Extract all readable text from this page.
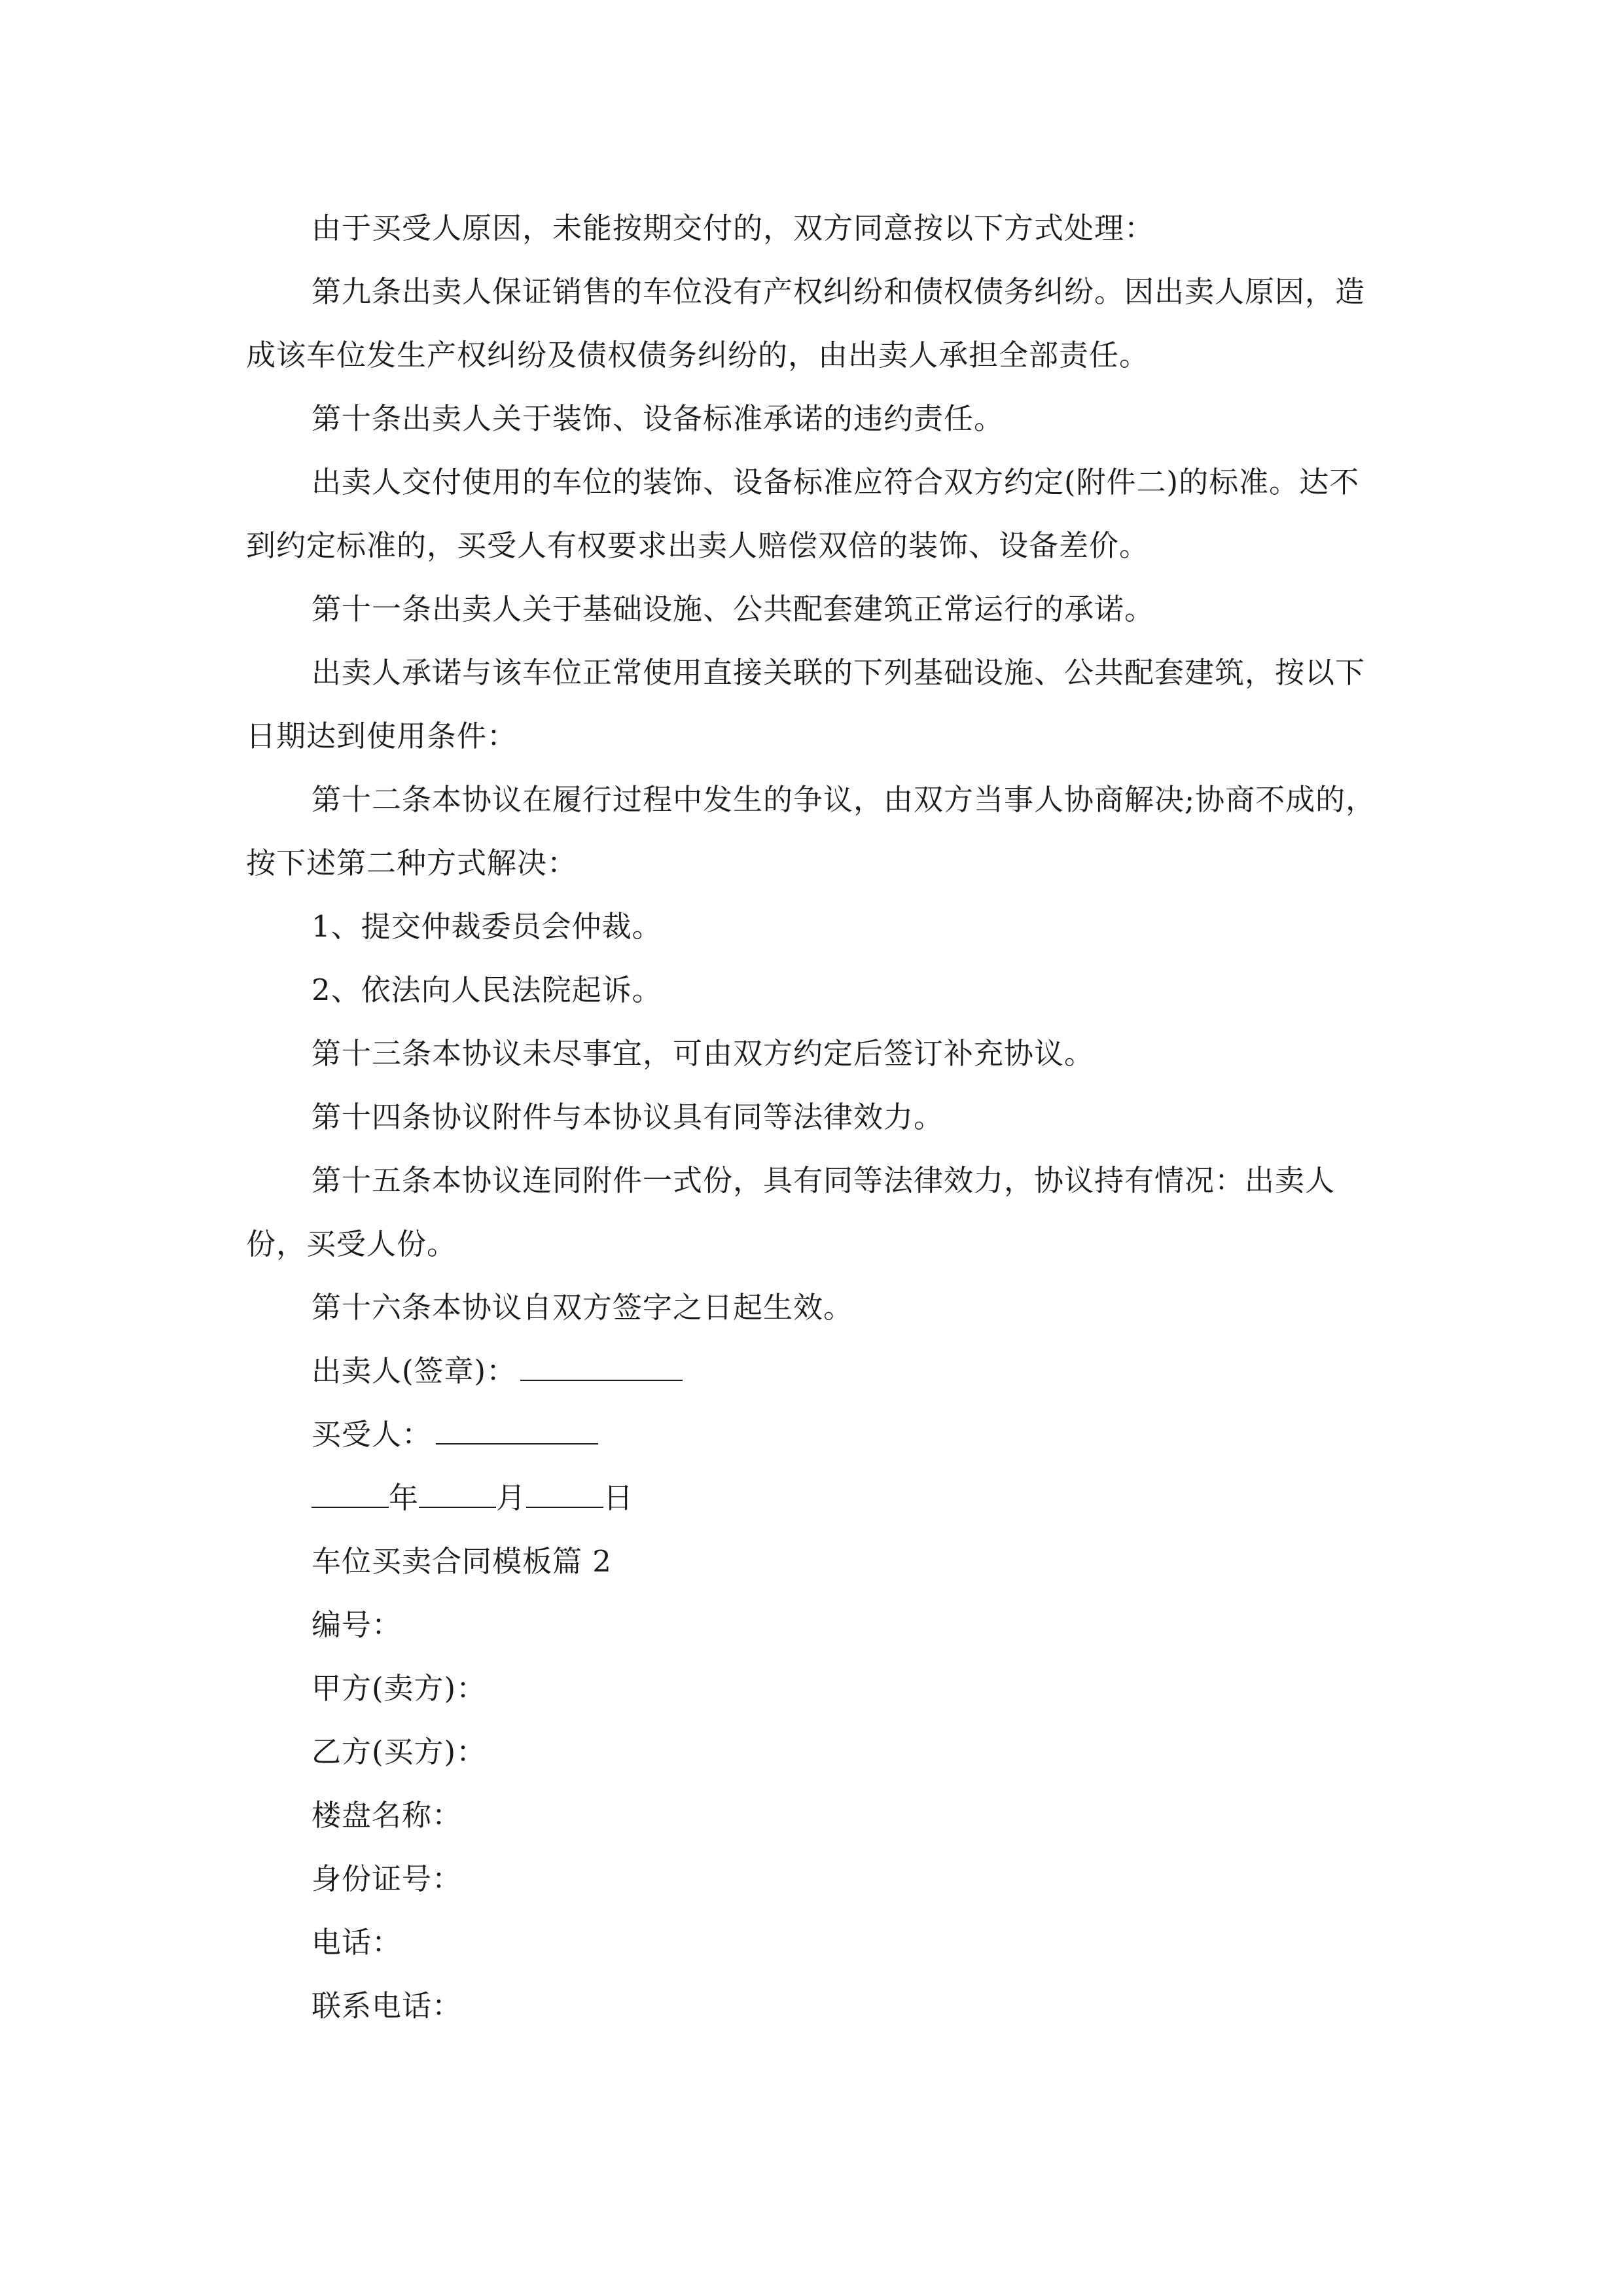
由于买受人原因，未能按期交付的，双方同意按以下方式处理：

第九条出卖人保证销售的车位没有产权纠纷和债权债务纠纷。因出卖人原因，造成该车位发生产权纠纷及债权债务纠纷的，由出卖人承担全部责任。

第十条出卖人关于装饰、设备标准承诺的违约责任。

出卖人交付使用的车位的装饰、设备标准应符合双方约定(附件二)的标准。达不到约定标准的，买受人有权要求出卖人赔偿双倍的装饰、设备差价。

第十一条出卖人关于基础设施、公共配套建筑正常运行的承诺。

出卖人承诺与该车位正常使用直接关联的下列基础设施、公共配套建筑，按以下日期达到使用条件：

第十二条本协议在履行过程中发生的争议，由双方当事人协商解决;协商不成的，按下述第二种方式解决：

1、提交仲裁委员会仲裁。

2、依法向人民法院起诉。

第十三条本协议未尽事宜，可由双方约定后签订补充协议。

第十四条协议附件与本协议具有同等法律效力。

第十五条本协议连同附件一式份，具有同等法律效力，协议持有情况：出卖人份，买受人份。

第十六条本协议自双方签字之日起生效。

出卖人(签章)：

买受人：

年	月	日

车位买卖合同模板篇 2

编号：

甲方(卖方)：

乙方(买方)：

楼盘名称：

身份证号：

电话：

联系电话：
